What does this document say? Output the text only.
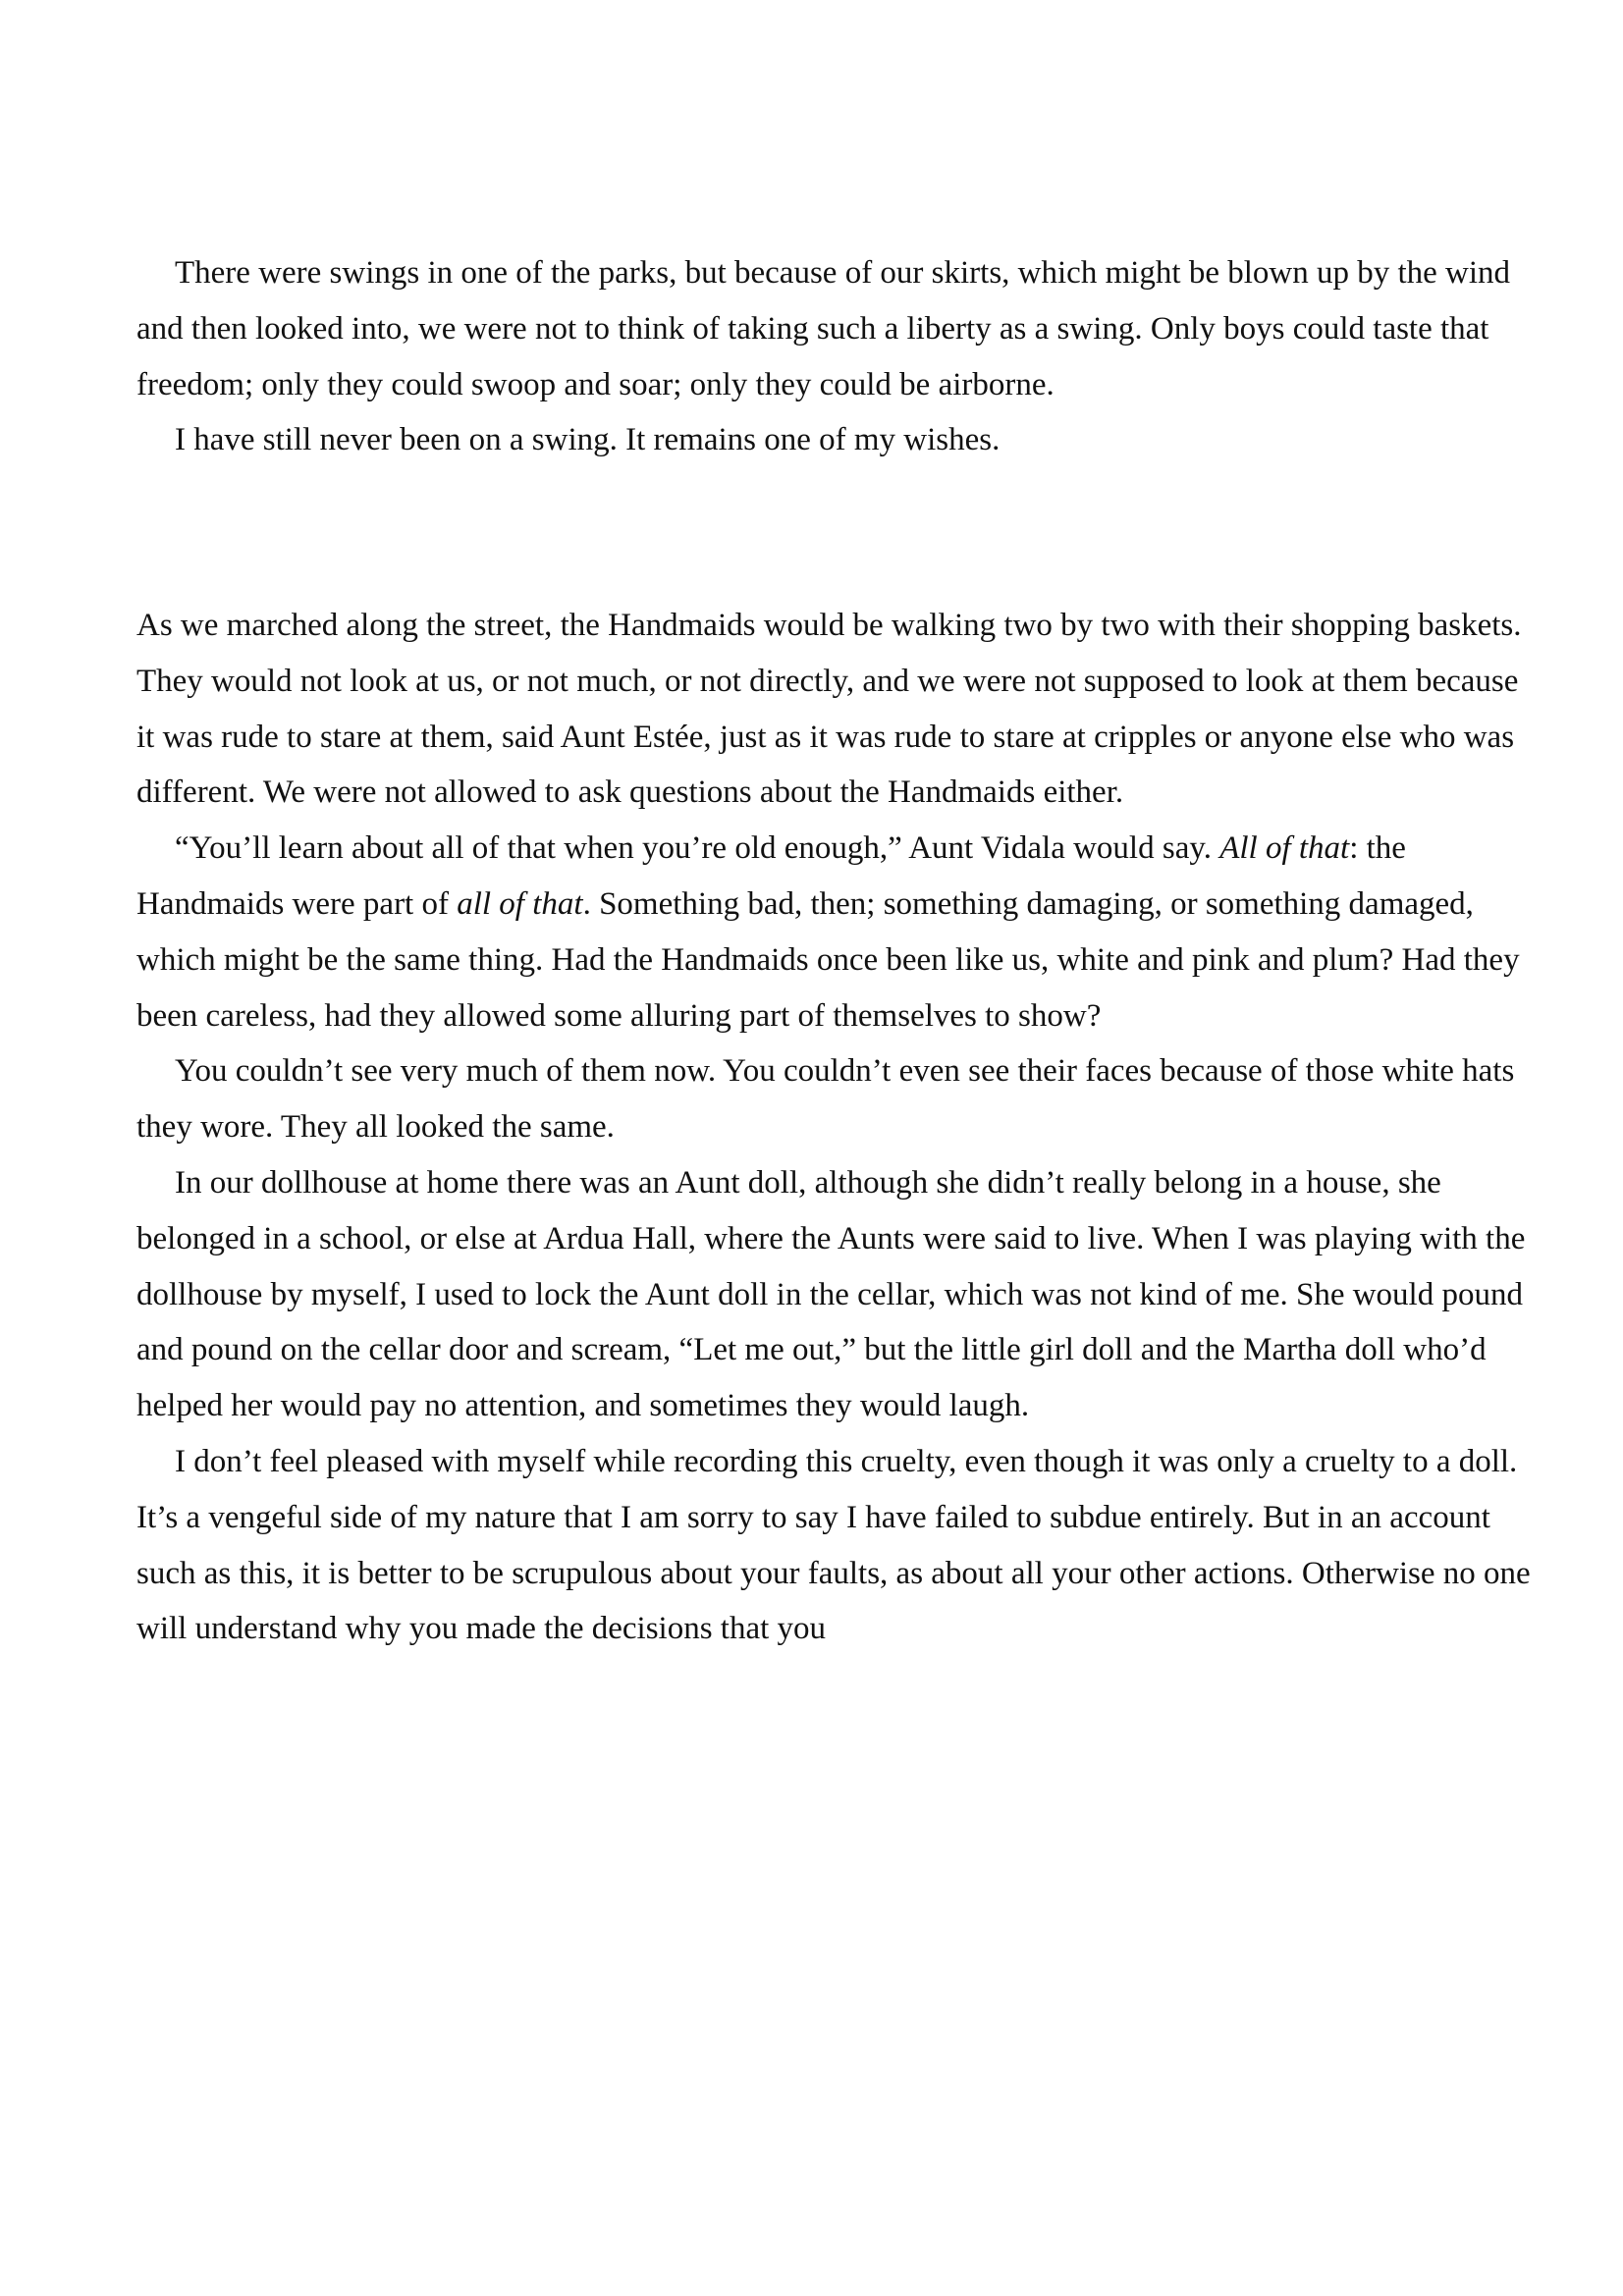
There were swings in one of the parks, but because of our skirts, which might be blown up by the wind and then looked into, we were not to think of taking such a liberty as a swing. Only boys could taste that freedom; only they could swoop and soar; only they could be airborne.

I have still never been on a swing. It remains one of my wishes.

As we marched along the street, the Handmaids would be walking two by two with their shopping baskets. They would not look at us, or not much, or not directly, and we were not supposed to look at them because it was rude to stare at them, said Aunt Estée, just as it was rude to stare at cripples or anyone else who was different. We were not allowed to ask questions about the Handmaids either.

“You’ll learn about all of that when you’re old enough,” Aunt Vidala would say. All of that: the Handmaids were part of all of that. Something bad, then; something damaging, or something damaged, which might be the same thing. Had the Handmaids once been like us, white and pink and plum? Had they been careless, had they allowed some alluring part of themselves to show?

You couldn’t see very much of them now. You couldn’t even see their faces because of those white hats they wore. They all looked the same.

In our dollhouse at home there was an Aunt doll, although she didn’t really belong in a house, she belonged in a school, or else at Ardua Hall, where the Aunts were said to live. When I was playing with the dollhouse by myself, I used to lock the Aunt doll in the cellar, which was not kind of me. She would pound and pound on the cellar door and scream, “Let me out,” but the little girl doll and the Martha doll who’d helped her would pay no attention, and sometimes they would laugh.

I don’t feel pleased with myself while recording this cruelty, even though it was only a cruelty to a doll. It’s a vengeful side of my nature that I am sorry to say I have failed to subdue entirely. But in an account such as this, it is better to be scrupulous about your faults, as about all your other actions. Otherwise no one will understand why you made the decisions that you
